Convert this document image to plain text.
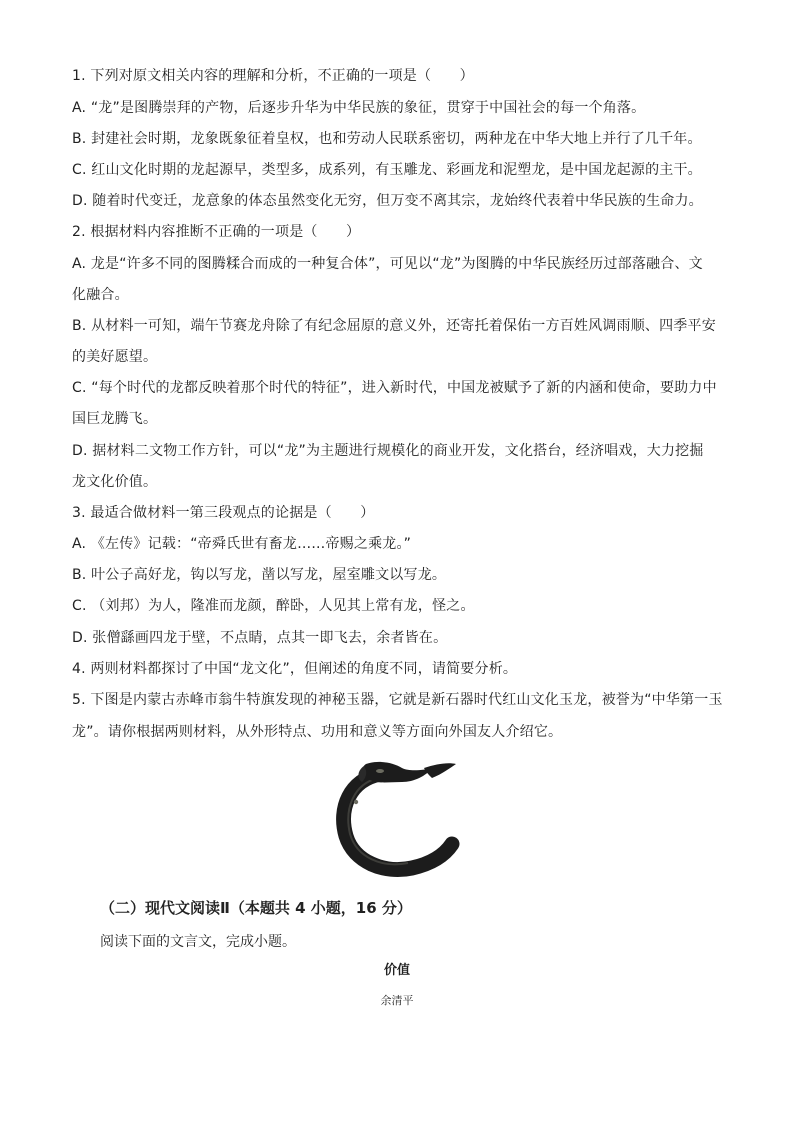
1. 下列对原文相关内容的理解和分析，不正确的一项是（　　）
A. “龙”是图腾崇拜的产物，后逐步升华为中华民族的象征，贯穿于中国社会的每一个角落。
B. 封建社会时期，龙象既象征着皇权，也和劳动人民联系密切，两种龙在中华大地上并行了几千年。
C. 红山文化时期的龙起源早，类型多，成系列，有玉雕龙、彩画龙和泥塑龙，是中国龙起源的主干。
D. 随着时代变迁，龙意象的体态虽然变化无穷，但万变不离其宗，龙始终代表着中华民族的生命力。
2. 根据材料内容推断不正确的一项是（　　）
A. 龙是“许多不同的图腾糅合而成的一种复合体”，可见以“龙”为图腾的中华民族经历过部落融合、文
化融合。
B. 从材料一可知，端午节赛龙舟除了有纪念屈原的意义外，还寄托着保佑一方百姓风调雨顺、四季平安
的美好愿望。
C. “每个时代的龙都反映着那个时代的特征”，进入新时代，中国龙被赋予了新的内涵和使命，要助力中
国巨龙腾飞。
D. 据材料二文物工作方针，可以“龙”为主题进行规模化的商业开发，文化搭台，经济唱戏，大力挖掘
龙文化价值。
3. 最适合做材料一第三段观点的论据是（　　）
A. 《左传》记载：“帝舜氏世有畜龙……帝赐之乘龙。”
B. 叶公子高好龙，钩以写龙，凿以写龙，屋室雕文以写龙。
C. （刘邦）为人，隆准而龙颜，醉卧，人见其上常有龙，怪之。
D. 张僧繇画四龙于壁，不点睛，点其一即飞去，余者皆在。
4. 两则材料都探讨了中国“龙文化”，但阐述的角度不同，请简要分析。
5. 下图是内蒙古赤峰市翁牛特旗发现的神秘玉器，它就是新石器时代红山文化玉龙，被誉为“中华第一玉
龙”。请你根据两则材料，从外形特点、功用和意义等方面向外国友人介绍它。
（二）现代文阅读Ⅱ（本题共 4 小题，16 分）
阅读下面的文言文，完成小题。
价值
余清平
